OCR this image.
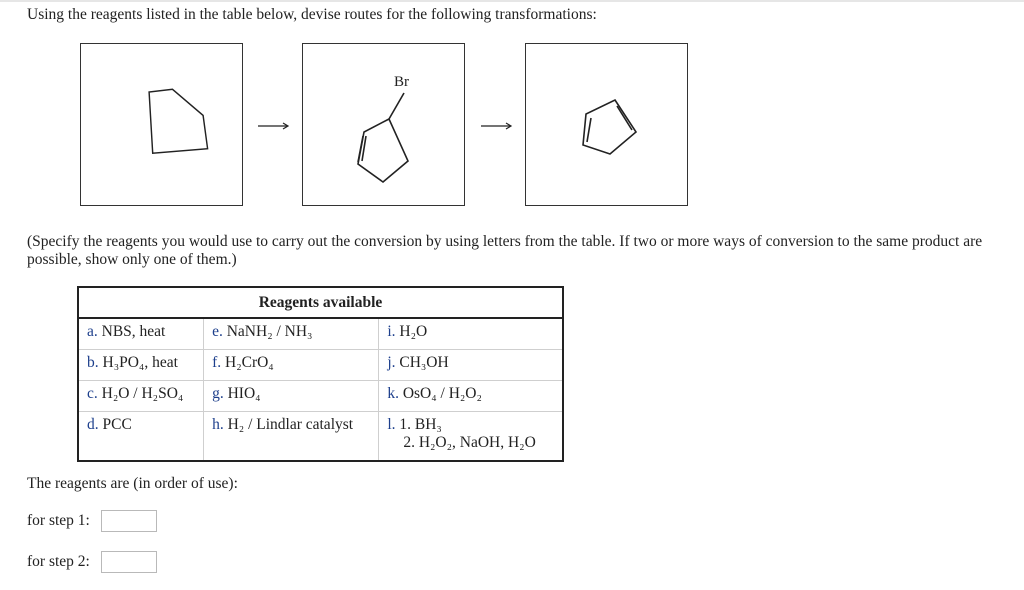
Using the reagents listed in the table below, devise routes for the following transformations:
Br
(Specify the reagents you would use to carry out the conversion by using letters from the table. If two or more ways of conversion to the same product are possible, show only one of them.)
Reagents available		
a. NBS, heat	e. NaNH₂ / NH₃	i. H₂O
b. H₃PO₄, heat	f. H₂CrO₄	j. CH₃OH
c. H₂O / H₂SO₄	g. HIO₄	k. OsO₄ / H₂O₂
d. PCC	h. H₂ / Lindlar catalyst	l. 1. BH₃
2. H₂O₂, NaOH, H₂O
The reagents are (in order of use):
for step 1:
for step 2:
